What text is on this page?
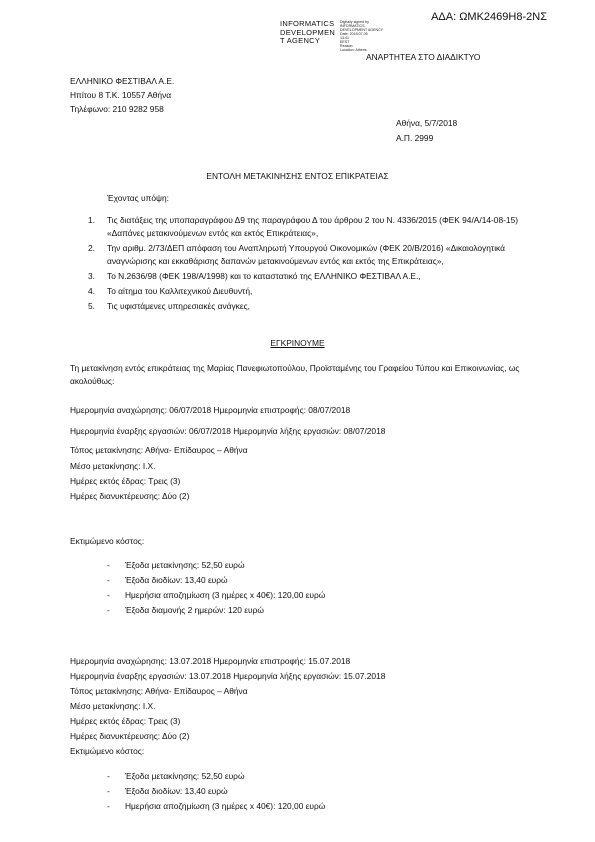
ΑΔΑ: ΩΜΚ2469Η8-2ΝΣ
INFORMATICS
DEVELOPMEN
T AGENCY
Digitally signed by
INFORMATICS
DEVELOPMENT AGENCY
Date: 2018.07.05
13:41
EEST
Reason:
Location: Athens
ΑΝΑΡΤΗΤΕΑ ΣΤΟ ΔΙΑΔΙΚΤΥΟ
ΕΛΛΗΝΙΚΟ ΦΕΣΤΙΒΑΛ Α.Ε.
Ηπίτου 8 Τ.Κ. 10557 Αθήνα
Τηλέφωνο: 210 9282 958
Αθήνα, 5/7/2018
Α.Π. 2999
ΕΝΤΟΛΗ ΜΕΤΑΚΙΝΗΣΗΣ ΕΝΤΟΣ ΕΠΙΚΡΑΤΕΙΑΣ
Έχοντας υπόψη:
1. Τις διατάξεις της υποπαραγράφου Δ9 της παραγράφου Δ του άρθρου 2 του Ν. 4336/2015 (ΦΕΚ 94/Α/14-08-15) «Δαπάνες μετακινούμενων εντός και εκτός Επικράτειας»,
2. Την αριθμ. 2/73/ΔΕΠ απόφαση του Αναπληρωτή Υπουργού Οικονομικών (ΦΕΚ 20/Β/2016) «Δικαιολογητικά αναγνώρισης και εκκαθάρισης δαπανών μετακινούμενων εντός και εκτός της Επικράτειας»,
3. Το Ν.2636/98 (ΦΕΚ 198/Α/1998) και το καταστατικό της ΕΛΛΗΝΙΚΟ ΦΕΣΤΙΒΑΛ Α.Ε.,
4. Το αίτημα του Καλλιτεχνικού Διευθυντή,
5. Τις υφιστάμενες υπηρεσιακές ανάγκες,
ΕΓΚΡΙΝΟΥΜΕ
Τη μετακίνηση εντός επικράτειας της Μαρίας Πανεφιωτοπούλου, Προϊσταμένης του Γραφείου Τύπου και Επικοινωνίας, ως ακολούθως:
Ημερομηνία αναχώρησης: 06/07/2018 Ημερομηνία επιστροφής: 08/07/2018
Ημερομηνία έναρξης εργασιών: 06/07/2018 Ημερομηνία λήξης εργασιών: 08/07/2018
Τόπος μετακίνησης: Αθήνα- Επίδαυρος – Αθήνα
Μέσο μετακίνησης: Ι.Χ.
Ημέρες εκτός έδρας: Τρεις (3)
Ημέρες διανυκτέρευσης: Δύο (2)
Εκτιμώμενο κόστος:
- Έξοδα μετακίνησης: 52,50 ευρώ
- Έξοδα διοδίων: 13,40 ευρώ
- Ημερήσια αποζημίωση (3 ημέρες x 40€): 120,00 ευρώ
- Έξοδα διαμονής 2 ημερών: 120 ευρώ
Ημερομηνία αναχώρησης: 13.07.2018 Ημερομηνία επιστροφής: 15.07.2018
Ημερομηνία έναρξης εργασιών: 13.07.2018 Ημερομηνία λήξης εργασιών: 15.07.2018
Τόπος μετακίνησης: Αθήνα- Επίδαυρος – Αθήνα
Μέσο μετακίνησης: Ι.Χ.
Ημέρες εκτός έδρας: Τρεις (3)
Ημέρες διανυκτέρευσης: Δύο (2)
Εκτιμώμενο κόστος:
- Έξοδα μετακίνησης: 52,50 ευρώ
- Έξοδα διοδίων: 13,40 ευρώ
- Ημερήσια αποζημίωση (3 ημέρες x 40€): 120,00 ευρώ
